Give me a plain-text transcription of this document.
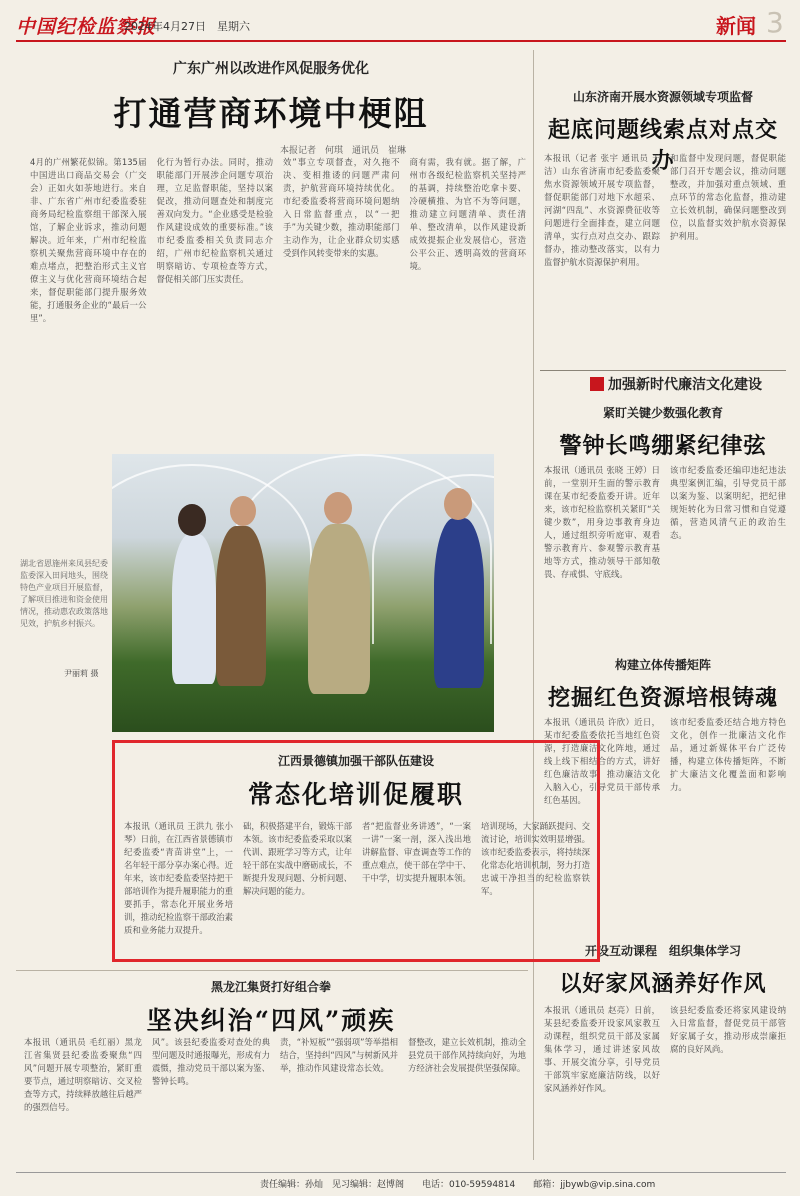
中国纪检监察报
2024年4月27日　星期六	新闻 3
广东广州以改进作风促服务优化
打通营商环境中梗阻
本报记者　何琪　通讯员　崔琳
4月的广州繁花似锦。第135届中国进出口商品交易会（广交会）正如火如荼地进行。来自非、广东省广州市纪委监委驻商务局纪检监察组干部深入展馆，了解企业诉求，推动问题解决。近年来，广州市纪检监察机关聚焦营商环境中存在的难点堵点，把整治形式主义官僚主义与优化营商环境结合起来，督促职能部门提升服务效能，打通服务企业的“最后一公里”。
化行为暂行办法。同时，推动职能部门开展涉企问题专项治理，立足监督职能，坚持以案促改，推动问题查处和制度完善双向发力。“企业感受是检验作风建设成效的重要标准。”该市纪委监委相关负责同志介绍，广州市纪检监察机关通过明察暗访、专项检查等方式，督促相关部门压实责任。
效”事立专项督查，对久拖不决、变相推诿的问题严肃问责，护航营商环境持续优化。市纪委监委将营商环境问题纳入日常监督重点，以“一把手”为关键少数，推动职能部门主动作为，让企业群众切实感受到作风转变带来的实惠。
商有需，我有就。据了解，广州市各级纪检监察机关坚持严的基调，持续整治吃拿卡要、冷硬横推、为官不为等问题，推动建立问题清单、责任清单、整改清单，以作风建设新成效提振企业发展信心，营造公平公正、透明高效的营商环境。
山东济南开展水资源领域专项监督
起底问题线索点对点交办
本报讯（记者 张宇 通讯员 王洁）山东省济南市纪委监委聚焦水资源领域开展专项监督，督促职能部门对地下水超采、河湖“四乱”、水资源费征收等问题进行全面排查，建立问题清单，实行点对点交办、跟踪督办，推动整改落实，以有力监督护航水资源保护利用。
和监督中发现问题，督促职能部门召开专题会议，推动问题整改，并加强对重点领域、重点环节的常态化监督，推动建立长效机制，确保问题整改到位，以监督实效护航水资源保护利用。
加强新时代廉洁文化建设
紧盯关键少数强化教育
警钟长鸣绷紧纪律弦
本报讯（通讯员 张晓 王婷）日前，一堂别开生面的警示教育课在某市纪委监委开讲。近年来，该市纪检监察机关紧盯“关键少数”，用身边事教育身边人，通过组织旁听庭审、观看警示教育片、参观警示教育基地等方式，推动领导干部知敬畏、存戒惧、守底线。
该市纪委监委还编印违纪违法典型案例汇编，引导党员干部以案为鉴、以案明纪，把纪律规矩转化为日常习惯和自觉遵循，营造风清气正的政治生态。
构建立体传播矩阵
挖掘红色资源培根铸魂
本报讯（通讯员 许欣）近日，某市纪委监委依托当地红色资源，打造廉洁文化阵地，通过线上线下相结合的方式，讲好红色廉洁故事，推动廉洁文化入脑入心，引导党员干部传承红色基因。
该市纪委监委还结合地方特色文化，创作一批廉洁文化作品，通过新媒体平台广泛传播，构建立体传播矩阵，不断扩大廉洁文化覆盖面和影响力。
开设互动课程　组织集体学习
以好家风涵养好作风
本报讯（通讯员 赵亮）日前，某县纪委监委开设家风家教互动课程，组织党员干部及家属集体学习，通过讲述家风故事、开展交流分享，引导党员干部筑牢家庭廉洁防线，以好家风涵养好作风。
该县纪委监委还将家风建设纳入日常监督，督促党员干部管好家属子女，推动形成崇廉拒腐的良好风尚。
湖北省恩施州来凤县纪委监委深入田间地头，围绕特色产业项目开展监督，了解项目推进和资金使用情况，推动惠农政策落地见效，护航乡村振兴。
尹丽莉 摄
江西景德镇加强干部队伍建设
常态化培训促履职
本报讯（通讯员 王洪九 张小琴）日前，在江西省景德镇市纪委监委“青苗讲堂”上，一名年轻干部分享办案心得。近年来，该市纪委监委坚持把干部培训作为提升履职能力的重要抓手，常态化开展业务培训，推动纪检监察干部政治素质和业务能力双提升。
础，积极搭建平台，锻炼干部本领。该市纪委监委采取以案代训、跟班学习等方式，让年轻干部在实战中磨砺成长，不断提升发现问题、分析问题、解决问题的能力。
者“把监督业务讲透”，“一案一讲”一案一剖，深入浅出地讲解监督、审查调查等工作的重点难点，使干部在学中干、干中学，切实提升履职本领。
培训现场，大家踊跃提问、交流讨论，培训实效明显增强。该市纪委监委表示，将持续深化常态化培训机制，努力打造忠诚干净担当的纪检监察铁军。
黑龙江集贤打好组合拳
坚决纠治“四风”顽疾
本报讯（通讯员 毛红丽）黑龙江省集贤县纪委监委聚焦“四风”问题开展专项整治，紧盯重要节点，通过明察暗访、交叉检查等方式，持续释放越往后越严的强烈信号。
风”。该县纪委监委对查处的典型问题及时通报曝光，形成有力震慑，推动党员干部以案为鉴、警钟长鸣。
责，“补短板”“强弱项”等举措相结合，坚持纠“四风”与树新风并举，推动作风建设常态长效。
督整改，建立长效机制，推动全县党员干部作风持续向好，为地方经济社会发展提供坚强保障。
责任编辑：孙灿　见习编辑：赵博阁　　电话：010-59594814　　邮箱：jjbywb@vip.sina.com
